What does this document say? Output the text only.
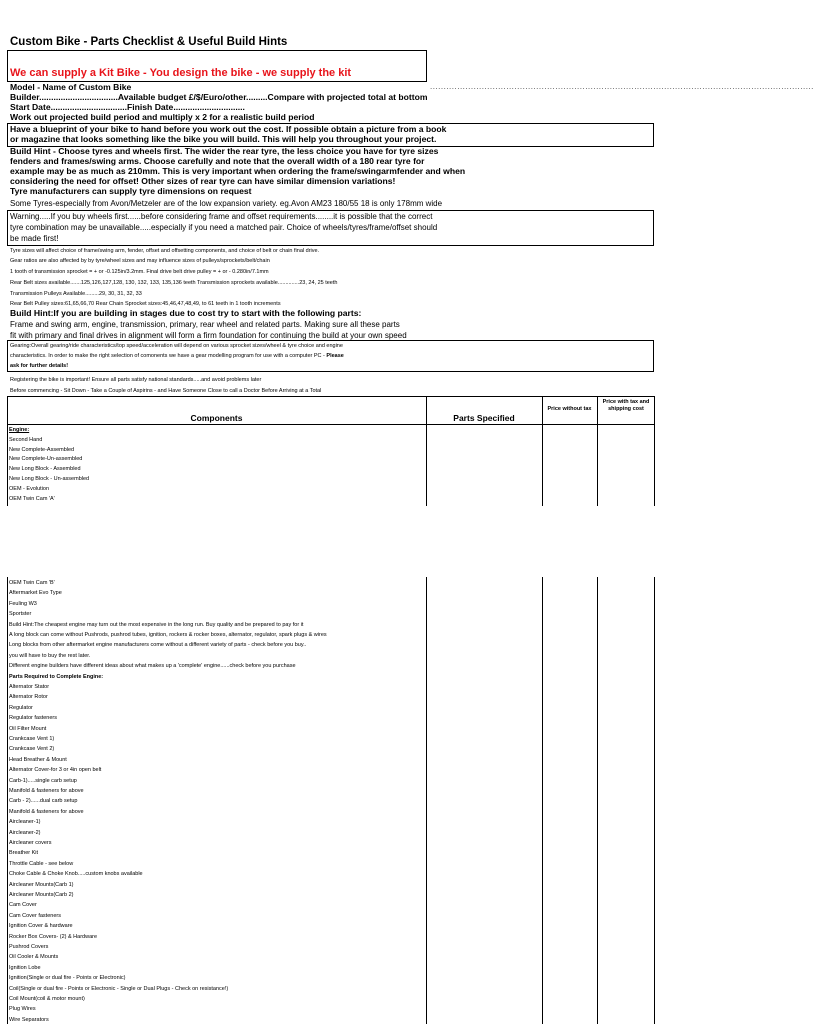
Custom Bike - Parts Checklist & Useful Build Hints
We can supply a Kit Bike - You design the bike - we supply the kit
.............................................................................................................................................
Model - Name of Custom Bike
Builder.................................Available budget £/$/Euro/other.........Compare with projected total at bottom
Start Date................................Finish Date..............................
Work out projected build period and multiply x 2 for a realistic build period
Have a blueprint of your bike to hand before you work out the cost. If possible obtain a picture from a book
or magazine that looks something like the bike you will build. This will help you throughout your project.
Build Hint - Choose tyres and wheels first. The wider the rear tyre, the less choice you have for tyre sizes
fenders and frames/swing arms. Choose carefully and note that the overall width of a 180 rear tyre for
example may be as much as 210mm. This is very important when ordering the frame/swingarmfender and when
considering the need for offset! Other sizes of rear tyre can have similar dimension variations!
Tyre manufacturers can supply tyre dimensions on request
Some Tyres-especially from Avon/Metzeler are of the low expansion variety. eg.Avon AM23 180/55 18 is only 178mm wide
Warning.....If you buy wheels first......before considering frame and offset requirements........it is possible that the correct
tyre combination may be unavailable.....especially if you need a matched pair. Choice of wheels/tyres/frame/offset should
be made first!
Tyre sizes will affect choice of frame/swing arm, fender, offset and offsetting components, and choice of belt or chain final drive.
Gear ratios are also affected by by tyre/wheel sizes and may influence sizes of pulleys/sprockets/belt/chain
1 tooth of transmission sprocket = + or -0.125in/3.2mm. Final drive belt drive pulley = + or - 0.280in/7.1mm
Rear Belt sizes available.......125,126,127,128, 130, 132, 133, 135,136 teeth Transmission sprockets available..............23, 24, 25 teeth
Transmission Pulleys Available.........29, 30, 31, 32, 33
Rear Belt Pulley sizes:61,65,66,70 Rear Chain Sprocket sizes:45,46,47,48,49, to 61 teeth in 1 tooth increments
Build Hint:If you are building in stages due to cost try to start with the following parts:
Frame and swing arm, engine, transmission, primary, rear wheel and related parts. Making sure all these parts
fit with primary and final drives in alignment will form a firm foundation for continuing the build at your own speed
Gearing:Overall gearing/ride characteristics/top speed/acceleration will depend on various sprocket sizes/wheel & tyre choice and engine
characteristics. In order to make the right selection of comonents we have a gear modelling program for use with a computer PC - Please
ask for further details!
Registering the bike is important! Ensure all parts satisfy national standards.....and avoid problems later
Before commencing - Sit Down - Take a Couple of Aspirins - and Have Someone Close to call a Doctor Before Arriving at a Total
Components	Parts Specified
Price without tax
Price with tax and shipping cost
Engine:
Second Hand
New Complete-Assembled
New Complete-Un-assembled
New Long Block - Assembled
New Long Block - Un-assembled
OEM - Evolution
OEM Twin Cam 'A'
OEM Twin Cam 'B'
Aftermarket Evo Type
Feuling W3
Sportster
Build Hint:The cheapest engine may turn out the most expensive in the long run. Buy quality and be prepared to pay for it
A long block can come without Pushrods, pushrod tubes, ignition, rockers & rocker boxes, alternator, regulator, spark plugs & wires
Long blocks from other aftermarket engine manufacturers come without a different variety of parts - check before you buy..
you will have to buy the rest later.
Different engine builders have different ideas about what makes up a 'complete' engine......check before you purchase
Parts Required to Complete Engine:
Alternator Stator
Alternator Rotor
Regulator
Regulator fasteners
Oil Filter Mount
Crankcase Vent 1)
Crankcase Vent 2)
Head Breather & Mount
Alternator Cover-for 3 or 4in open belt
Carb-1).....single carb setup
Manifold & fasteners for above
Carb - 2)......dual carb setup
Manifold & fasteners for above
Aircleaner-1)
Aircleaner-2)
Aircleaner covers
Breather Kit
Throttle Cable - see below
Choke Cable & Choke Knob.....custom knobs available
Aircleaner Mounts(Carb 1)
Aircleaner Mounts(Carb 2)
Cam Cover
Cam Cover fasteners
Ignition Cover & hardware
Rocker Box Covers- (2) & Hardware
Pushrod Covers
Oil Cooler & Mounts
Ignition Lobe
Ignition(Single or dual fire - Points or Electronic)
Coil(Single or dual fire - Points or Electronic - Single or Dual Plugs - Check on resistance!)
Coil Mount(coil & motor mount)
Plug Wires
Wire Separators
